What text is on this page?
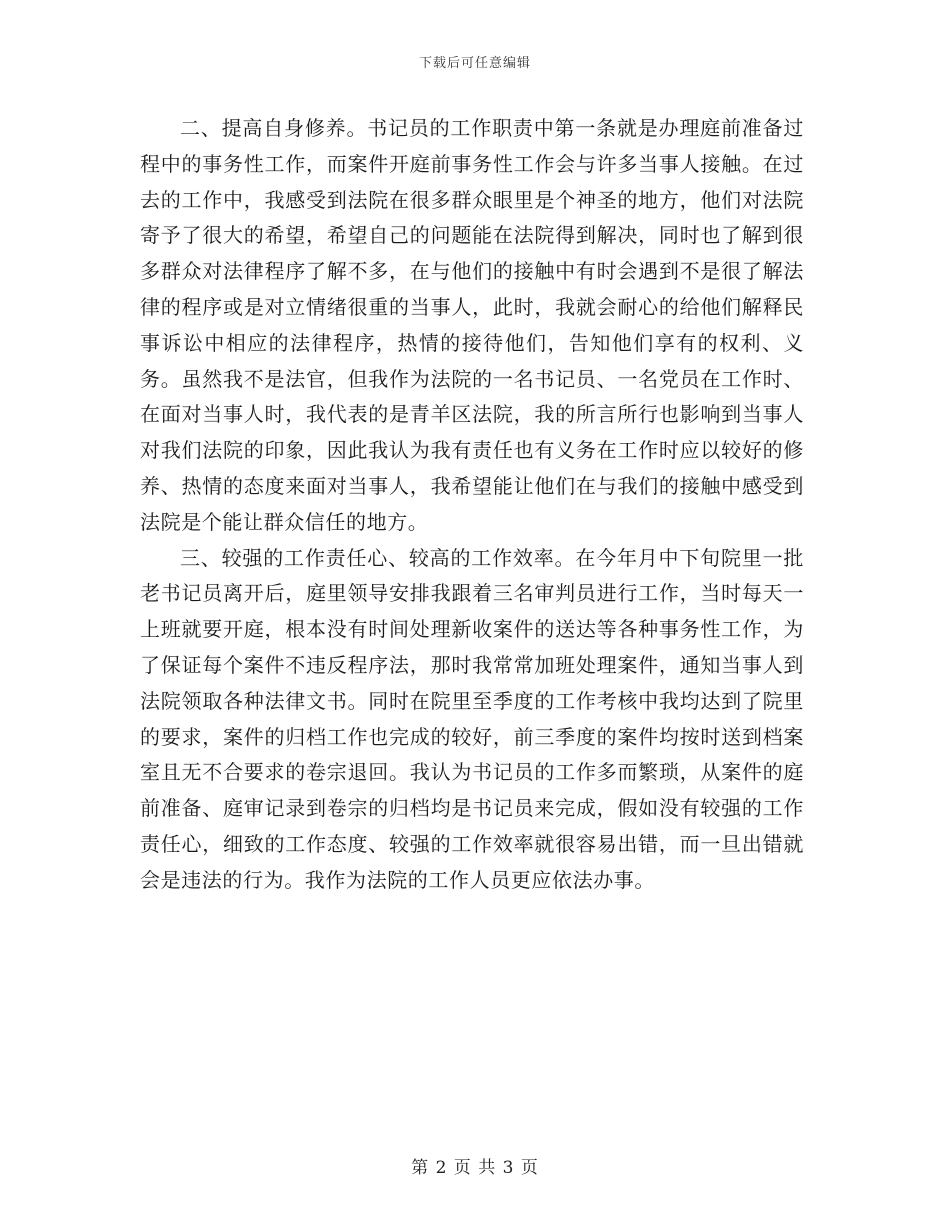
下载后可任意编辑

二、提高自身修养。书记员的工作职责中第一条就是办理庭前准备过程中的事务性工作，而案件开庭前事务性工作会与许多当事人接触。在过去的工作中，我感受到法院在很多群众眼里是个神圣的地方，他们对法院寄予了很大的希望，希望自己的问题能在法院得到解决，同时也了解到很多群众对法律程序了解不多，在与他们的接触中有时会遇到不是很了解法律的程序或是对立情绪很重的当事人，此时，我就会耐心的给他们解释民事诉讼中相应的法律程序，热情的接待他们，告知他们享有的权利、义务。虽然我不是法官，但我作为法院的一名书记员、一名党员在工作时、在面对当事人时，我代表的是青羊区法院，我的所言所行也影响到当事人对我们法院的印象，因此我认为我有责任也有义务在工作时应以较好的修养、热情的态度来面对当事人，我希望能让他们在与我们的接触中感受到法院是个能让群众信任的地方。

三、较强的工作责任心、较高的工作效率。在今年月中下旬院里一批老书记员离开后，庭里领导安排我跟着三名审判员进行工作，当时每天一上班就要开庭，根本没有时间处理新收案件的送达等各种事务性工作，为了保证每个案件不违反程序法，那时我常常加班处理案件，通知当事人到法院领取各种法律文书。同时在院里至季度的工作考核中我均达到了院里的要求，案件的归档工作也完成的较好，前三季度的案件均按时送到档案室且无不合要求的卷宗退回。我认为书记员的工作多而繁琐，从案件的庭前准备、庭审记录到卷宗的归档均是书记员来完成，假如没有较强的工作责任心，细致的工作态度、较强的工作效率就很容易出错，而一旦出错就会是违法的行为。我作为法院的工作人员更应依法办事。

第 2 页 共 3 页
